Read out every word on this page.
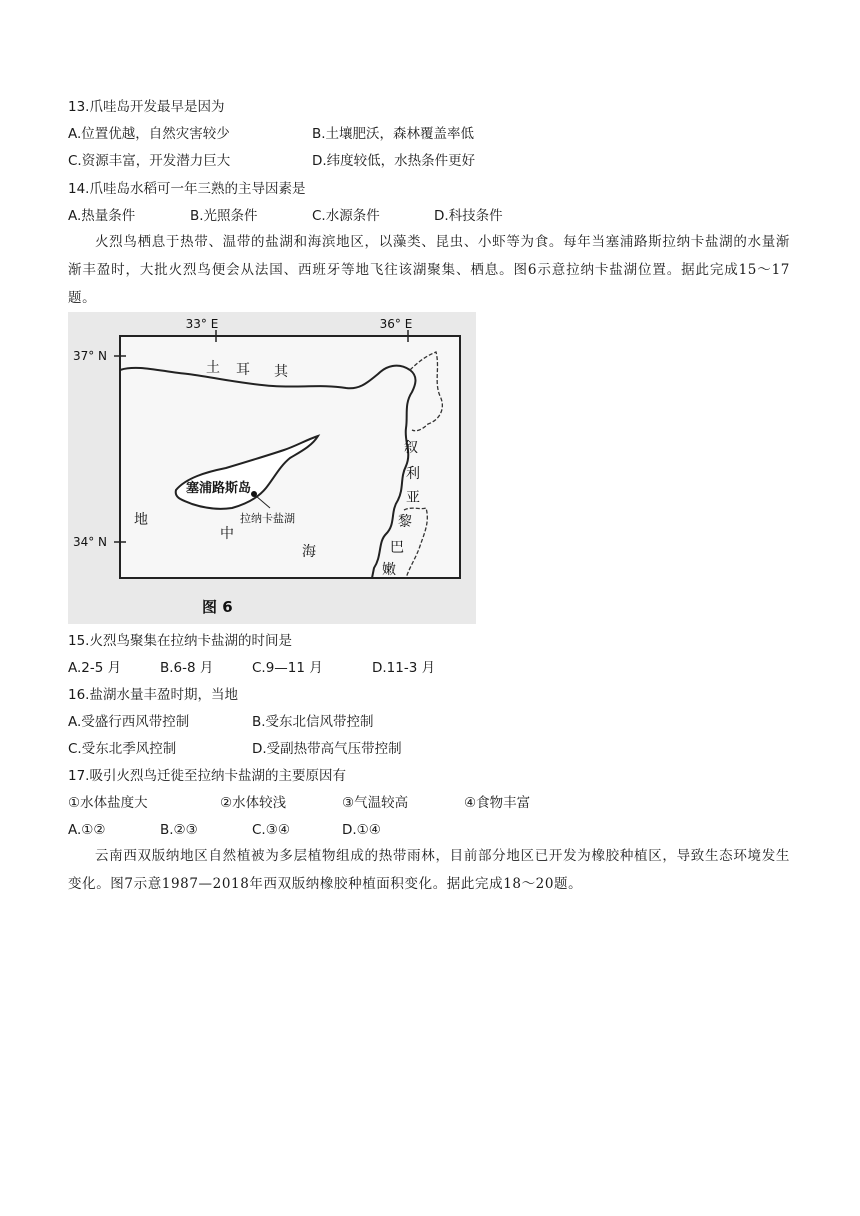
13.爪哇岛开发最早是因为
A.位置优越，自然灾害较少	B.土壤肥沃，森林覆盖率低
C.资源丰富，开发潜力巨大	D.纬度较低，水热条件更好
14.爪哇岛水稻可一年三熟的主导因素是
A.热量条件	B.光照条件	C.水源条件	D.科技条件
火烈鸟栖息于热带、温带的盐湖和海滨地区，以藻类、昆虫、小虾等为食。每年当塞浦路斯拉纳卡盐湖的水量渐渐丰盈时，大批火烈鸟便会从法国、西班牙等地飞往该湖聚集、栖息。图6示意拉纳卡盐湖位置。据此完成15～17题。
33° E	36° E
37° N
34° N
土 耳 其
叙
利
亚
黎
巴
嫩
地
中
海
塞浦路斯岛
拉纳卡盐湖
图 6
15.火烈鸟聚集在拉纳卡盐湖的时间是
A.2-5 月	B.6-8 月	C.9—11 月	D.11-3 月
16.盐湖水量丰盈时期，当地
A.受盛行西风带控制	B.受东北信风带控制
C.受东北季风控制	D.受副热带高气压带控制
17.吸引火烈鸟迁徙至拉纳卡盐湖的主要原因有
①水体盐度大	②水体较浅	③气温较高	④食物丰富
A.①②	B.②③	C.③④	D.①④
云南西双版纳地区自然植被为多层植物组成的热带雨林，目前部分地区已开发为橡胶种植区，导致生态环境发生变化。图7示意1987—2018年西双版纳橡胶种植面积变化。据此完成18～20题。
